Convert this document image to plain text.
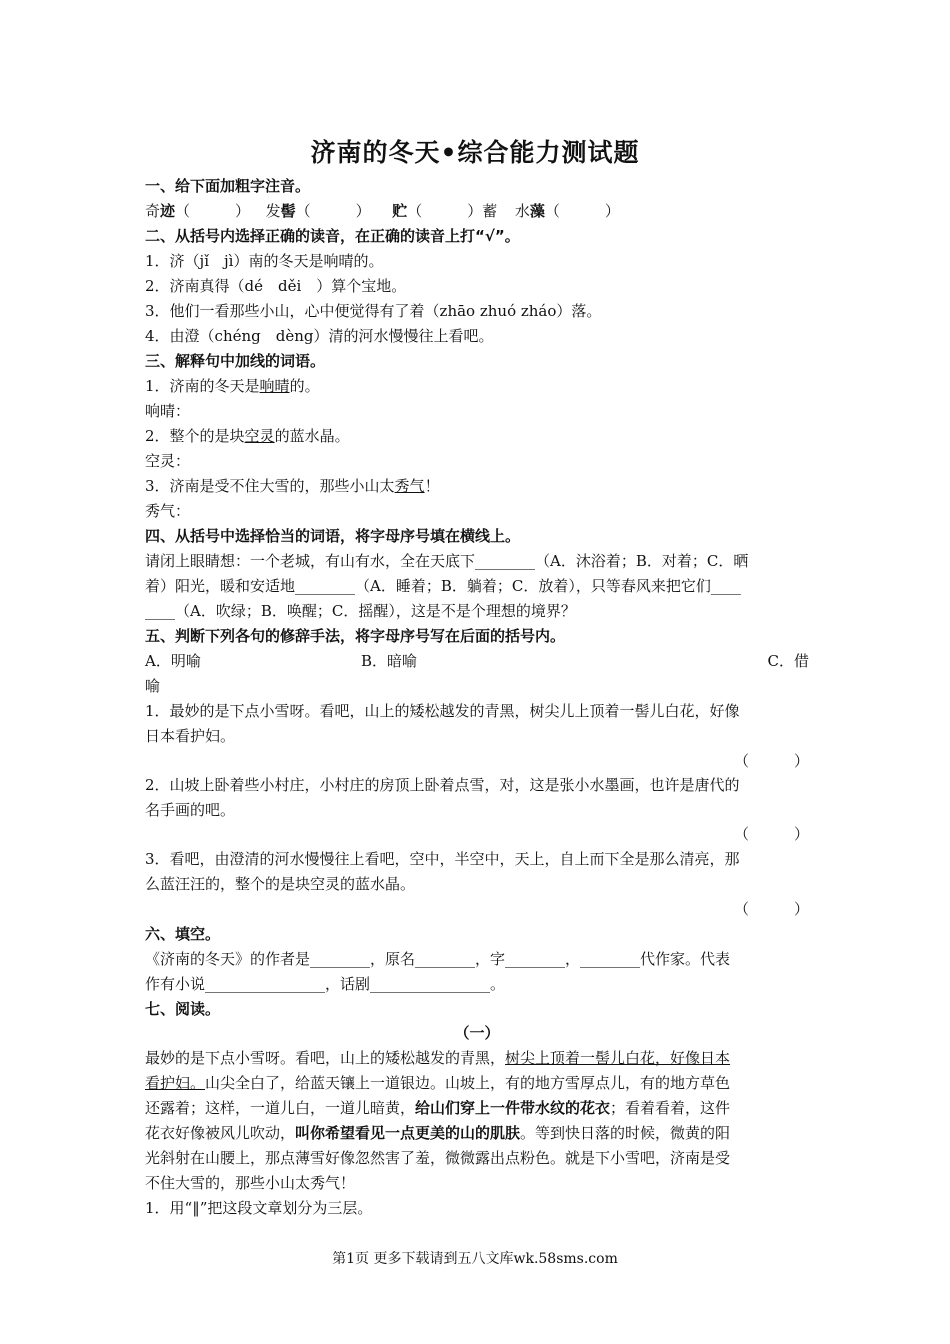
济南的冬天•综合能力测试题
一、给下面加粗字注音。
奇迹（　　　） 发髻（　　　） 贮（　　　）蓄 水藻（　　　）
二、从括号内选择正确的读音，在正确的读音上打“√”。
1．济（jǐ　jì）南的冬天是响晴的。
2．济南真得（dé　děi　）算个宝地。
3．他们一看那些小山，心中便觉得有了着（zhāo zhuó zháo）落。
4．由澄（chéng　dèng）清的河水慢慢往上看吧。
三、解释句中加线的词语。
1．济南的冬天是响晴的。
响晴：
2．整个的是块空灵的蓝水晶。
空灵：
3．济南是受不住大雪的，那些小山太秀气！
秀气：
四、从括号中选择恰当的词语，将字母序号填在横线上。
请闭上眼睛想：一个老城，有山有水，全在天底下________（A．沐浴着；B．对着；C．晒
着）阳光，暖和安适地________（A．睡着；B．躺着；C．放着），只等春风来把它们____
____（A．吹绿；B．唤醒；C．摇醒），这是不是个理想的境界？
五、判断下列各句的修辞手法，将字母序号写在后面的括号内。
A．明喻	B．暗喻	C．借
喻
1．最妙的是下点小雪呀。看吧，山上的矮松越发的青黑，树尖儿上顶着一髻儿白花，好像
日本看护妇。
（　　　）
2．山坡上卧着些小村庄，小村庄的房顶上卧着点雪，对，这是张小水墨画，也许是唐代的
名手画的吧。
（　　　）
3．看吧，由澄清的河水慢慢往上看吧，空中，半空中，天上，自上而下全是那么清亮，那
么蓝汪汪的，整个的是块空灵的蓝水晶。
（　　　）
六、填空。
《济南的冬天》的作者是________，原名________，字________，________代作家。代表
作有小说________________，话剧________________。
七、阅读。
（一）
最妙的是下点小雪呀。看吧，山上的矮松越发的青黑，树尖上顶着一髻儿白花，好像日本
看护妇。山尖全白了，给蓝天镶上一道银边。山坡上，有的地方雪厚点儿，有的地方草色
还露着；这样，一道儿白，一道儿暗黄，给山们穿上一件带水纹的花衣；看着看着，这件
花衣好像被风儿吹动，叫你希望看见一点更美的山的肌肤。等到快日落的时候，微黄的阳
光斜射在山腰上，那点薄雪好像忽然害了羞，微微露出点粉色。就是下小雪吧，济南是受
不住大雪的，那些小山太秀气！
1．用“‖”把这段文章划分为三层。
第1页 更多下载请到五八文库wk.58sms.com
